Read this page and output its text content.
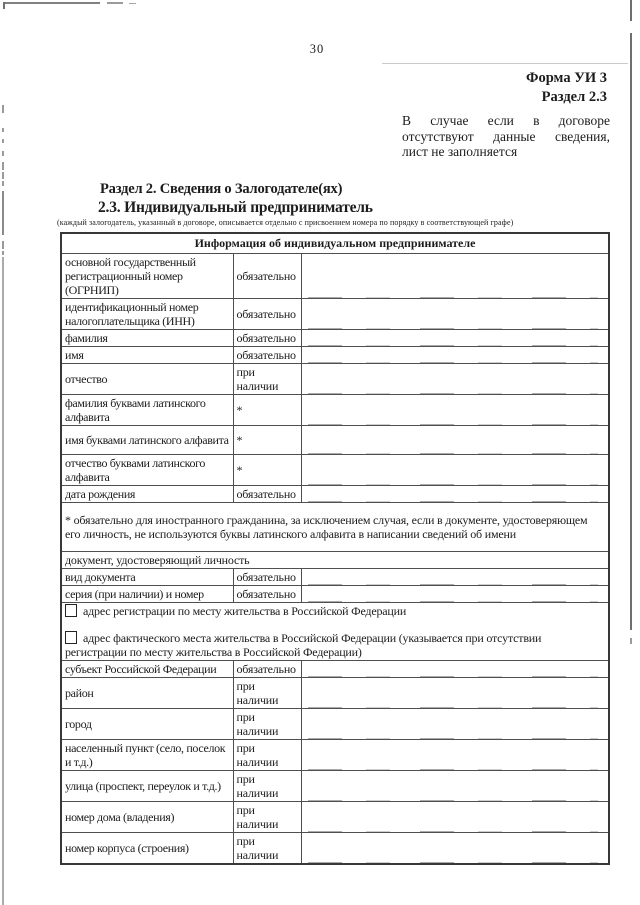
30
Форма УИ 3
Раздел 2.3
В случае если в договоре
отсутствуют данные сведения,
лист не заполняется
Раздел 2. Сведения о Залогодателе(ях)
2.3. Индивидуальный предприниматель
(каждый залогодатель, указанный в договоре, описывается отдельно с присвоением номера по порядку в соответствующей графе)
Информация об индивидуальном предпринимателе		
основной государственный регистрационный номер (ОГРНИП)	обязательно	
идентификационный номер налогоплательщика (ИНН)	обязательно	
фамилия	обязательно	
имя	обязательно	
отчество	при наличии	
фамилия буквами латинского алфавита	*	
имя буквами латинского алфавита	*	
отчество буквами латинского алфавита	*	
дата рождения	обязательно	
* обязательно для иностранного гражданина, за исключением случая, если в документе, удостоверяющем его личность, не используются буквы латинского алфавита в написании сведений об имени		
документ, удостоверяющий личность		
вид документа	обязательно	
серия (при наличии) и номер	обязательно	

адрес регистрации по месту жительства в Российской Федерации
адрес фактического места жительства в Российской Федерации (указывается при отсутствии регистрации по месту жительства в Российской Федерации)		

субъект Российской Федерации	обязательно	
район	при наличии	
город	при наличии	
населенный пункт (село, поселок и т.д.)	при наличии	
улица (проспект, переулок и т.д.)	при наличии	
номер дома (владения)	при наличии	
номер корпуса (строения)	при наличии	
